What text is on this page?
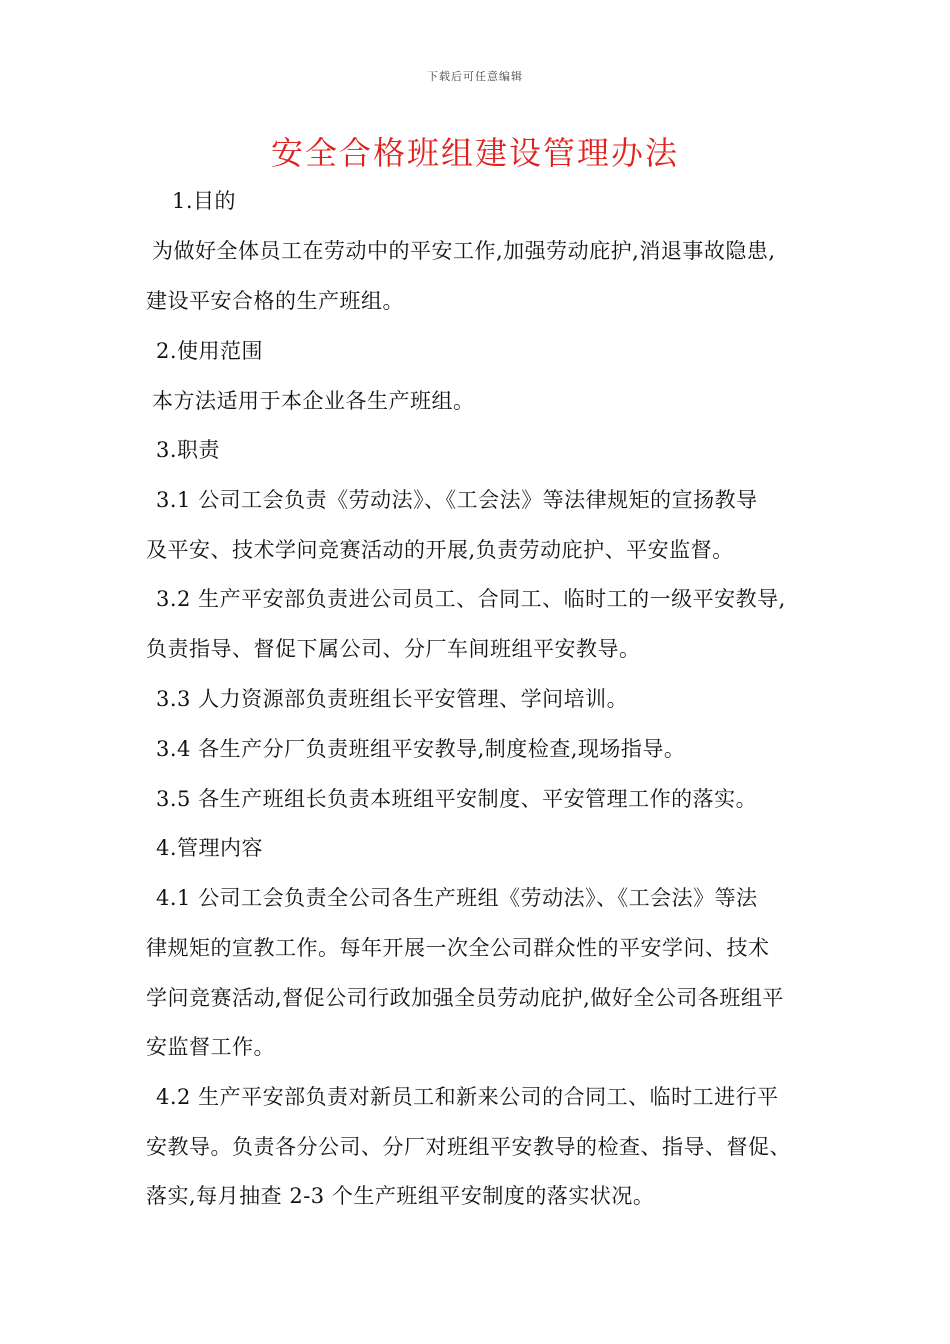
下载后可任意编辑
安全合格班组建设管理办法
1.目的
为做好全体员工在劳动中的平安工作,加强劳动庇护,消退事故隐患,
建设平安合格的生产班组。
2.使用范围
本方法适用于本企业各生产班组。
3.职责
3.1 公司工会负责《劳动法》、《工会法》等法律规矩的宣扬教导
及平安、技术学问竞赛活动的开展,负责劳动庇护、平安监督。
3.2 生产平安部负责进公司员工、合同工、临时工的一级平安教导,
负责指导、督促下属公司、分厂车间班组平安教导。
3.3 人力资源部负责班组长平安管理、学问培训。
3.4 各生产分厂负责班组平安教导,制度检查,现场指导。
3.5 各生产班组长负责本班组平安制度、平安管理工作的落实。
4.管理内容
4.1 公司工会负责全公司各生产班组《劳动法》、《工会法》等法
律规矩的宣教工作。每年开展一次全公司群众性的平安学问、技术
学问竞赛活动,督促公司行政加强全员劳动庇护,做好全公司各班组平
安监督工作。
4.2 生产平安部负责对新员工和新来公司的合同工、临时工进行平
安教导。负责各分公司、分厂对班组平安教导的检查、指导、督促、
落实,每月抽查 2-3 个生产班组平安制度的落实状况。
